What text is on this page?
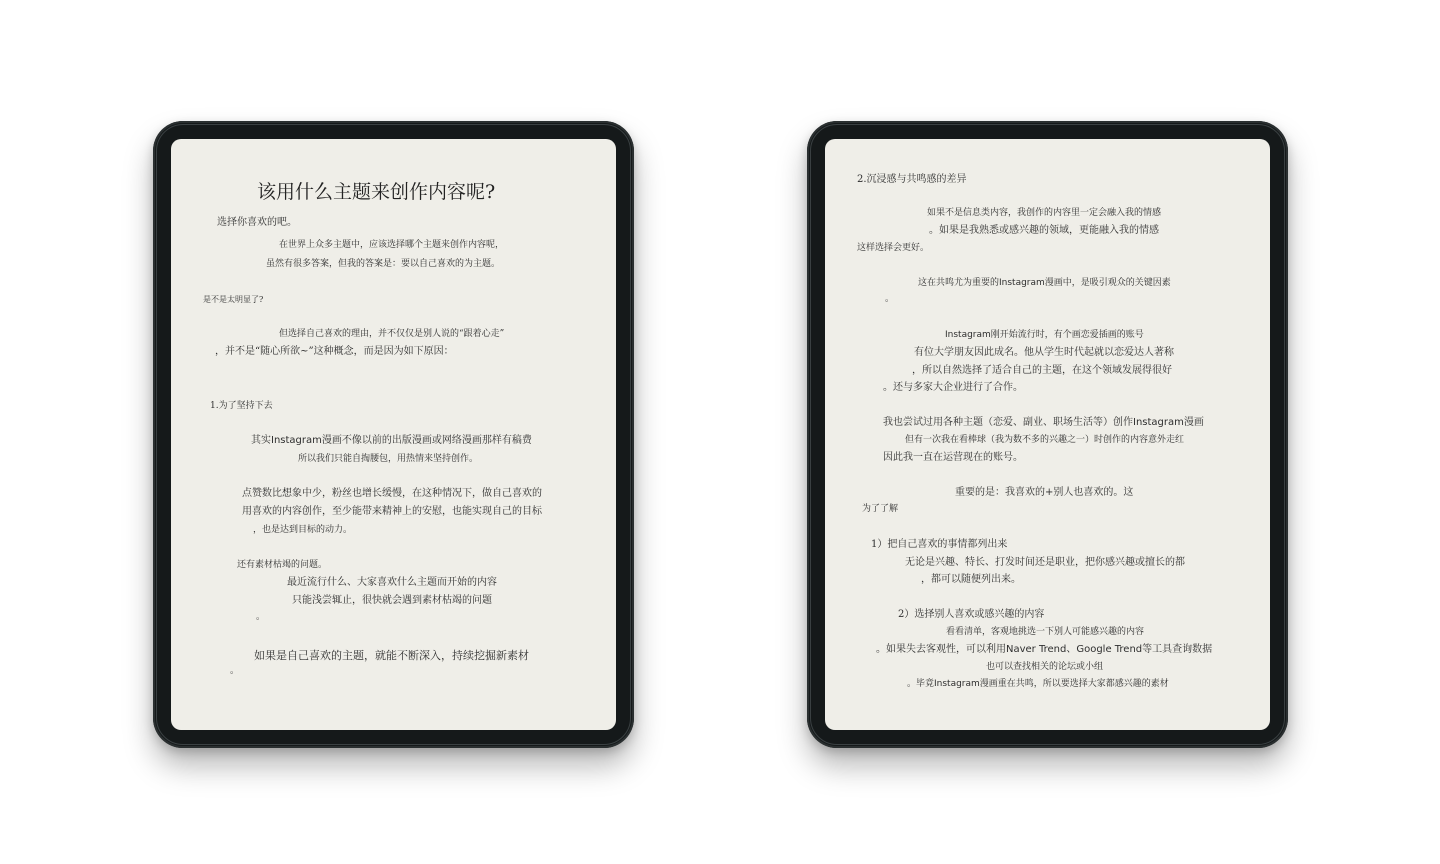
该用什么主题来创作内容呢?
选择你喜欢的吧。
在世界上众多主题中，应该选择哪个主题来创作内容呢，
虽然有很多答案，但我的答案是：要以自己喜欢的为主题。
是不是太明显了?
但选择自己喜欢的理由，并不仅仅是别人说的“跟着心走”
，并不是“随心所欲~”这种概念，而是因为如下原因：
1.为了坚持下去
其实Instagram漫画不像以前的出版漫画或网络漫画那样有稿费
所以我们只能自掏腰包，用热情来坚持创作。
点赞数比想象中少，粉丝也增长缓慢，在这种情况下，做自己喜欢的
用喜欢的内容创作，至少能带来精神上的安慰，也能实现自己的目标
，也是达到目标的动力。
还有素材枯竭的问题。
最近流行什么、大家喜欢什么主题而开始的内容
只能浅尝辄止，很快就会遇到素材枯竭的问题
。
如果是自己喜欢的主题，就能不断深入，持续挖掘新素材
。
2.沉浸感与共鸣感的差异
如果不是信息类内容，我创作的内容里一定会融入我的情感
。如果是我熟悉或感兴趣的领域，更能融入我的情感
这样选择会更好。
这在共鸣尤为重要的Instagram漫画中，是吸引观众的关键因素
。
Instagram刚开始流行时，有个画恋爱插画的账号
有位大学朋友因此成名。他从学生时代起就以恋爱达人著称
，所以自然选择了适合自己的主题，在这个领域发展得很好
。还与多家大企业进行了合作。
我也尝试过用各种主题（恋爱、副业、职场生活等）创作Instagram漫画
但有一次我在看棒球（我为数不多的兴趣之一）时创作的内容意外走红
因此我一直在运营现在的账号。
重要的是：我喜欢的+别人也喜欢的。这
为了了解
1）把自己喜欢的事情都列出来
无论是兴趣、特长、打发时间还是职业，把你感兴趣或擅长的都
，都可以随便列出来。
2）选择别人喜欢或感兴趣的内容
看看清单，客观地挑选一下别人可能感兴趣的内容
。如果失去客观性，可以利用Naver Trend、Google Trend等工具查询数据
也可以查找相关的论坛或小组
。毕竟Instagram漫画重在共鸣，所以要选择大家都感兴趣的素材
